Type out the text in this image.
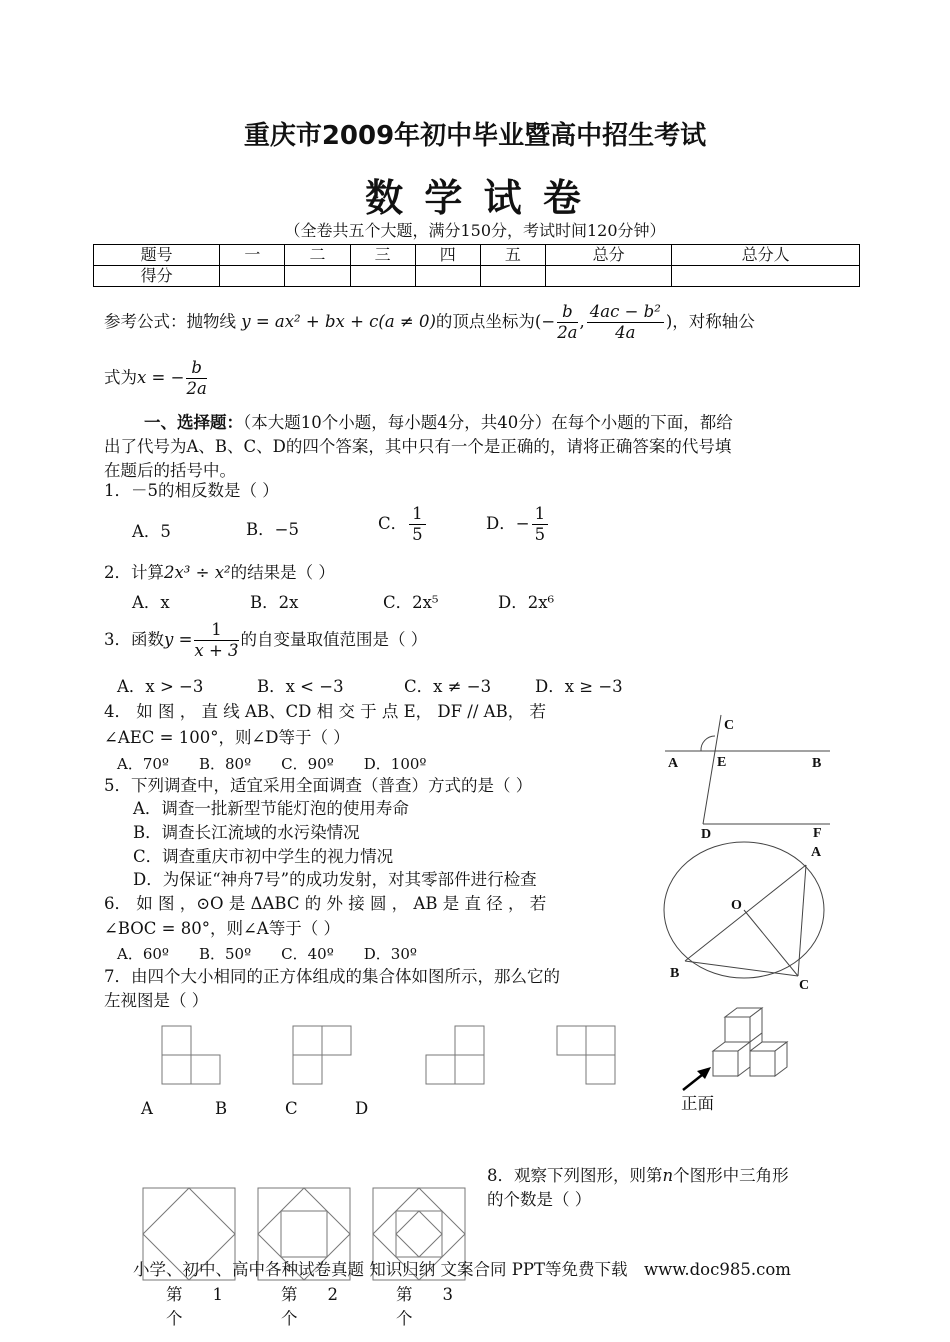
重庆市2009年初中毕业暨高中招生考试
数 学 试 卷
（全卷共五个大题，满分150分，考试时间120分钟）
题号	一	二	三	四	五	总分	总分人
得分							
参考公式：抛物线 y = ax² + bx + c(a ≠ 0)的顶点坐标为(− $\frac{b}{2a}$ , $\frac{\text{4ac − b²}}{4a}$ )，对称轴公
式为x = − $\frac{b}{2a}$
一、选择题：（本大题10个小题，每小题4分，共40分）在每个小题的下面，都给
出了代号为A、B、C、D的四个答案，其中只有一个是正确的，请将正确答案的代号填
在题后的括号中。
1．－5的相反数是（ ）
A．5	B．−5	C． $\frac{1}{5}$	D．− $\frac{1}{5}$
2．计算2x³ ÷ x²的结果是（ ）
A．x	B．2x	C．2x⁵	D．2x⁶
3．函数$y = \frac{1}{x + 3}$ 的自变量取值范围是（ ）
A．x > −3	B．x < −3	C．x ≠ −3	D．x ≥ −3
4． 如 图 ， 直 线 AB、CD 相 交 于 点 E， DF // AB， 若
∠AEC = 100°，则∠D等于（ ）
A．70º　　B．80º　　C．90º　　D．100º
5．下列调查中，适宜采用全面调查（普查）方式的是（ ）
A．调查一批新型节能灯泡的使用寿命
B．调查长江流域的水污染情况
C．调查重庆市初中学生的视力情况
D．为保证“神舟7号”的成功发射，对其零部件进行检查
6． 如 图 ，⊙O 是 ΔABC 的 外 接 圆 ， AB 是 直 径 ， 若
∠BOC = 80°，则∠A等于（ ）
A．60º　　B．50º　　C．40º　　D．30º
7．由四个大小相同的正方体组成的集合体如图所示，那么它的
左视图是（ ）
A	B	C	D	正面
C
A	E	B
D	F
A
O
B
C
8．观察下列图形，则第n个图形中三角形
的个数是（ ）
小学、初中、高中各种试卷真题 知识归纳 文案合同 PPT等免费下载　www.doc985.com
第 1
个
第 2
个
第 3
个
